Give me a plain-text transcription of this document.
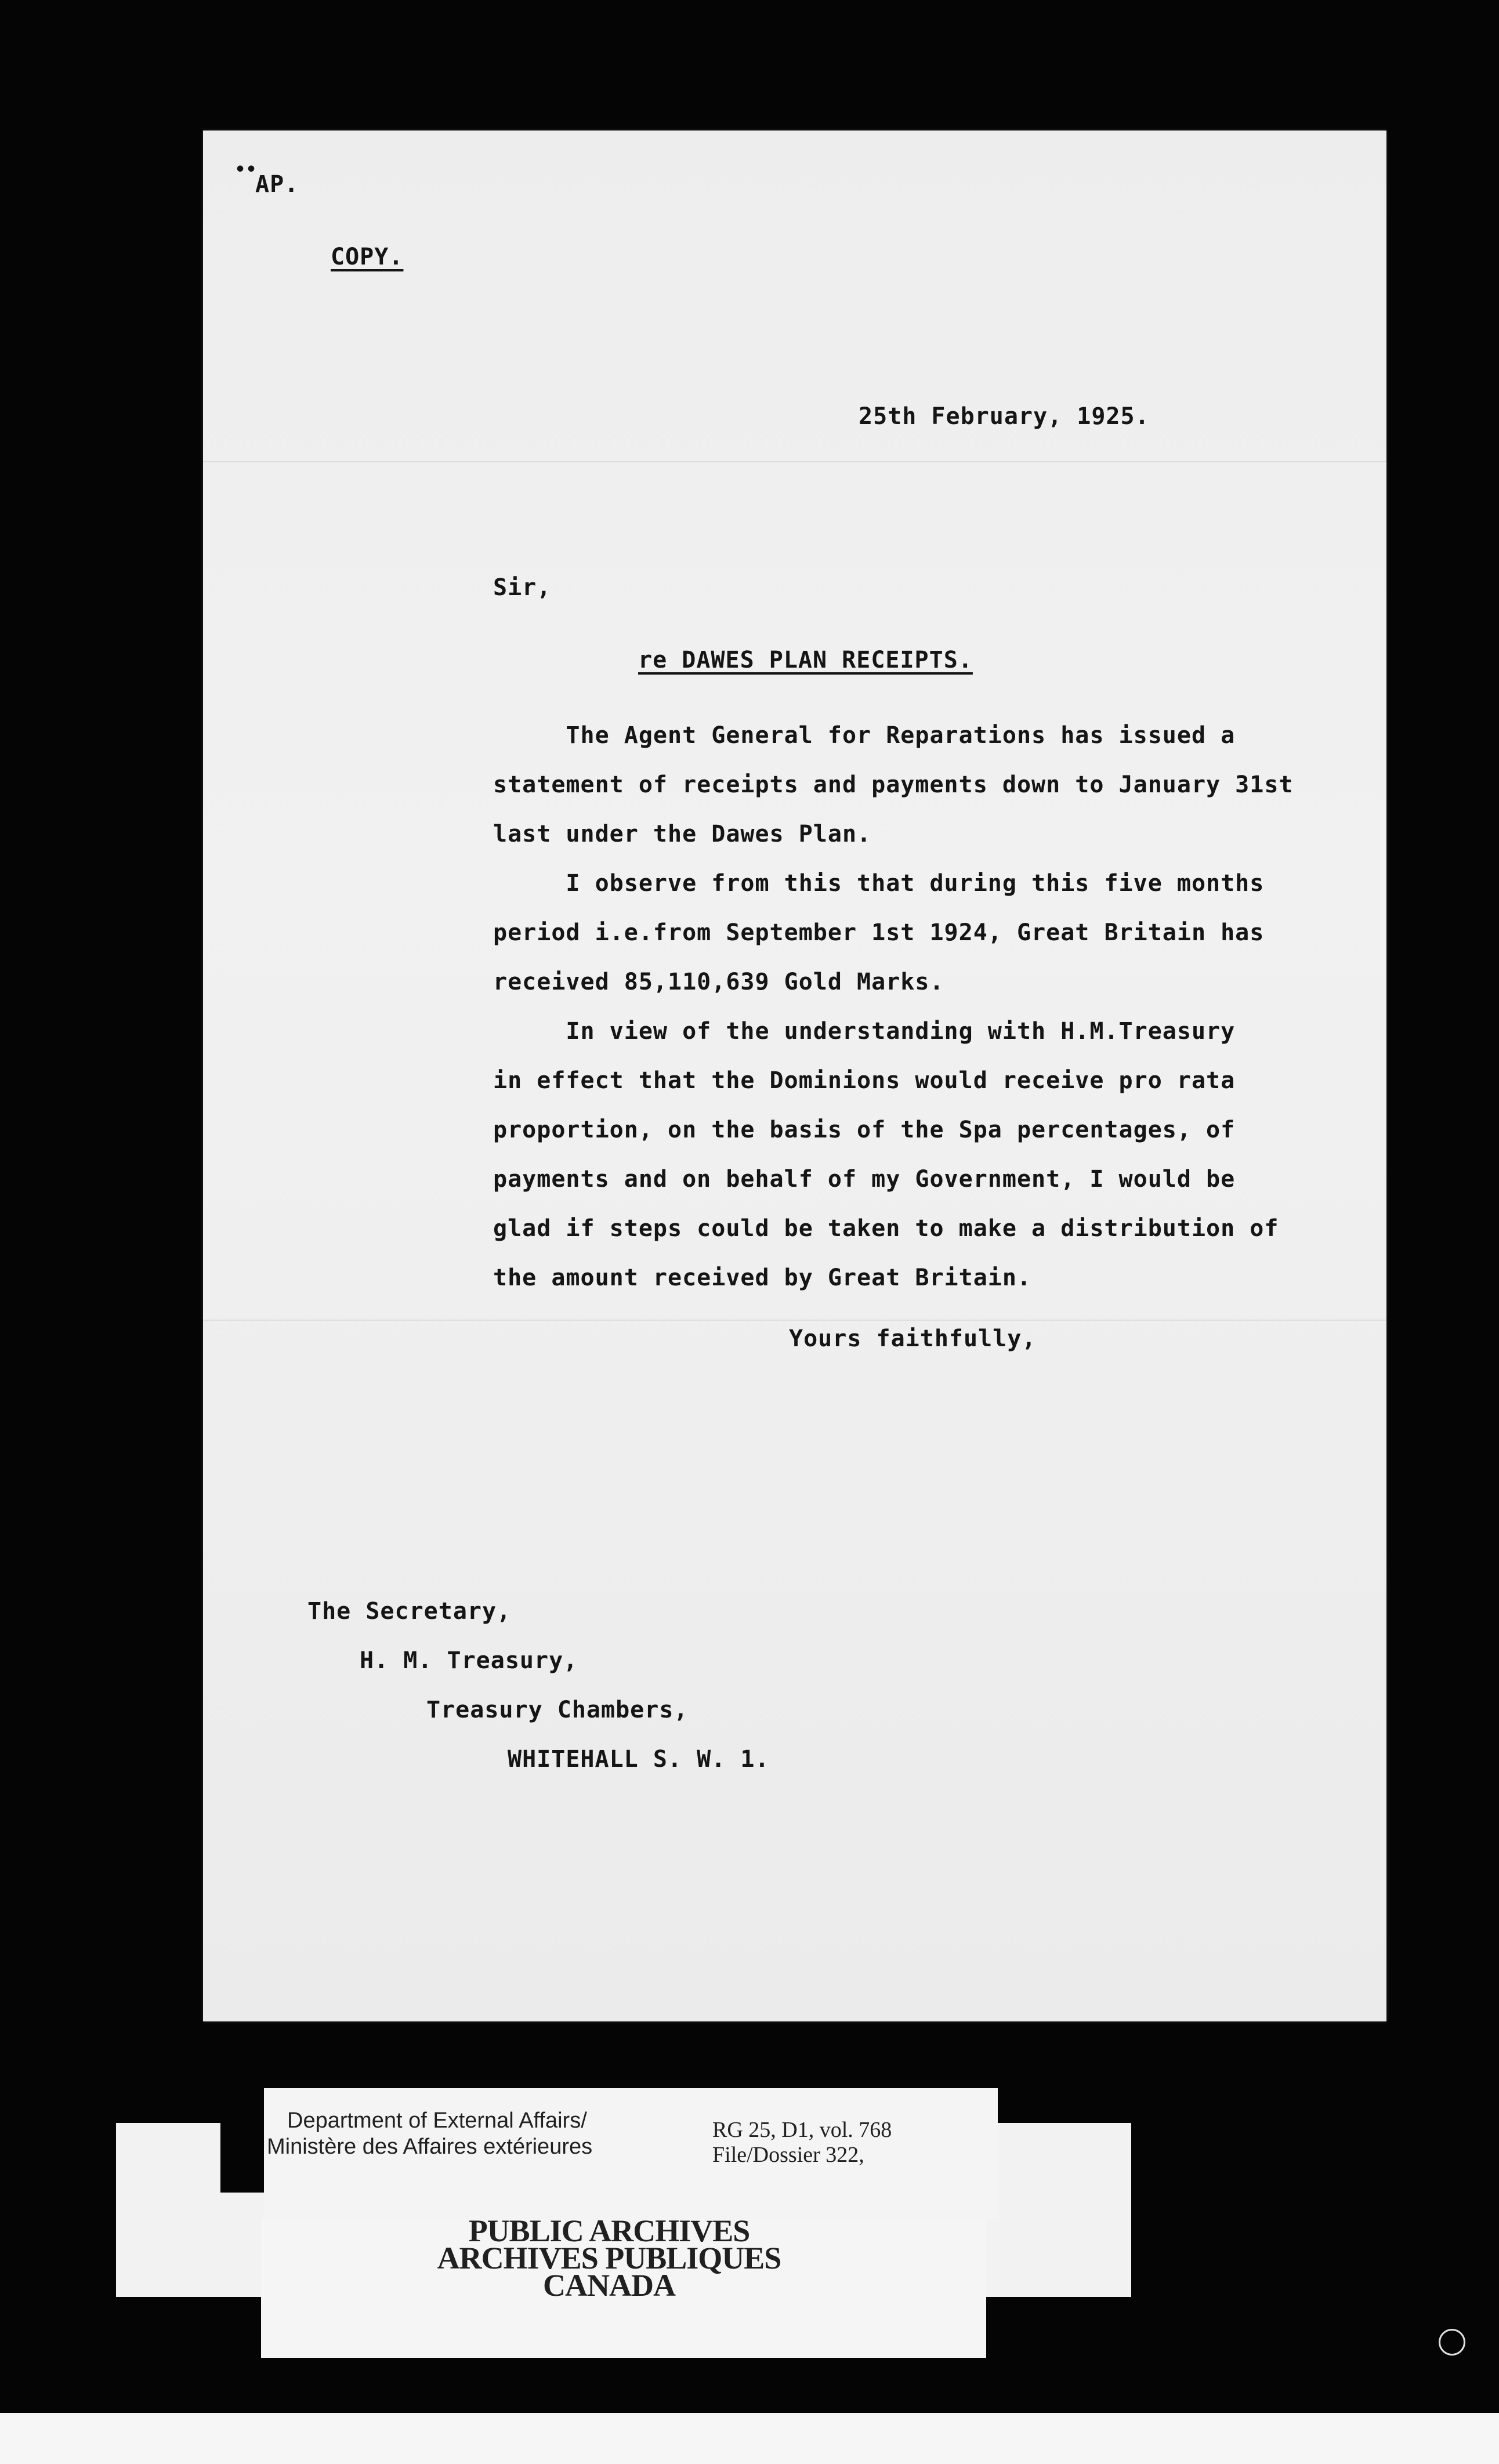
••
AP.
COPY.
25th February, 1925.
Sir,
re DAWES PLAN RECEIPTS.
The Agent General for Reparations has issued a
statement of receipts and payments down to January 31st
last under the Dawes Plan.
I observe from this that during this five months
period i.e.from September 1st 1924, Great Britain has
received 85,110,639 Gold Marks.
In view of the understanding with H.M.Treasury
in effect that the Dominions would receive pro rata
proportion, on the basis of the Spa percentages, of
payments and on behalf of my Government, I would be
glad if steps could be taken to make a distribution of
the amount received by Great Britain.
Yours faithfully,
The Secretary,
H. M. Treasury,
Treasury Chambers,
WHITEHALL S. W. 1.
Department of External Affairs/
Ministère des Affaires extérieures
RG 25, D1, vol. 768
File/Dossier 322,
PUBLIC ARCHIVES
ARCHIVES PUBLIQUES
CANADA
